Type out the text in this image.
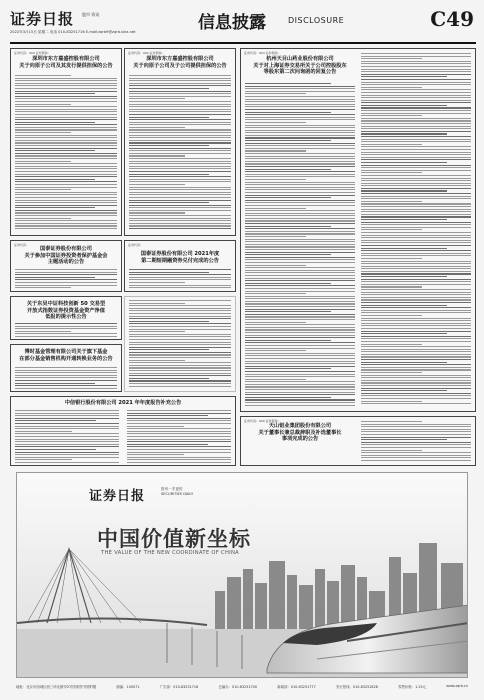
证券日报 股市 资讯
2022年3月15日 星期二 电话 010-83251716 E-mail:zqrb9@zqrb.sina.net	信息披露	DISCLOSURE	C49
证券代码：000 证券简称：
深圳市东方嘉盛控股有限公司
关于向原子公司及其发行提供担保的公告
证券代码：000 证券简称：
深圳市东方嘉盛控股有限公司
关于向原子公司及子公司提供担保的公告
证券代码：
国泰证券股份有限公司
关于参加中国证券投资者保护基金会
主题活动的公告
证券代码：
国泰证券股份有限公司 2021年度
第二期短期融资券兑付完成的公告
关于东吴中证科技创新 50 交易型
开放式指数证券投资基金资产净值
低报的提示性公告
博时基金管理有限公司关于旗下基金
在部分基金销售机构开通转换业务的公告
中信银行股份有限公司 2021 年年度报告补充公告
证券代码：603 证券简称：
杭州天目山药业股份有限公司
关于对上海证券交易所关于公司控股股东
等股东第二次问询函的回复公告
证券代码：600 证券简称：
天山铝业集团股份有限公司
关于董事长兼总裁辞职及补选董事长
事项完成的公告
证券日报	资讯一手更传 SECURITIES DAILY
中国价值新坐标
THE VALUE OF THE NEW COORDINATE OF CHINA
地址：北京市西城区西三环北路甲2号国家图书馆附楼	邮编：100071	广告部：010-83251716	总编办：010-83251700	新闻部：010-83251777	发行热线：010-83251828	零售价格：1.25元	www.zqrb.cn
